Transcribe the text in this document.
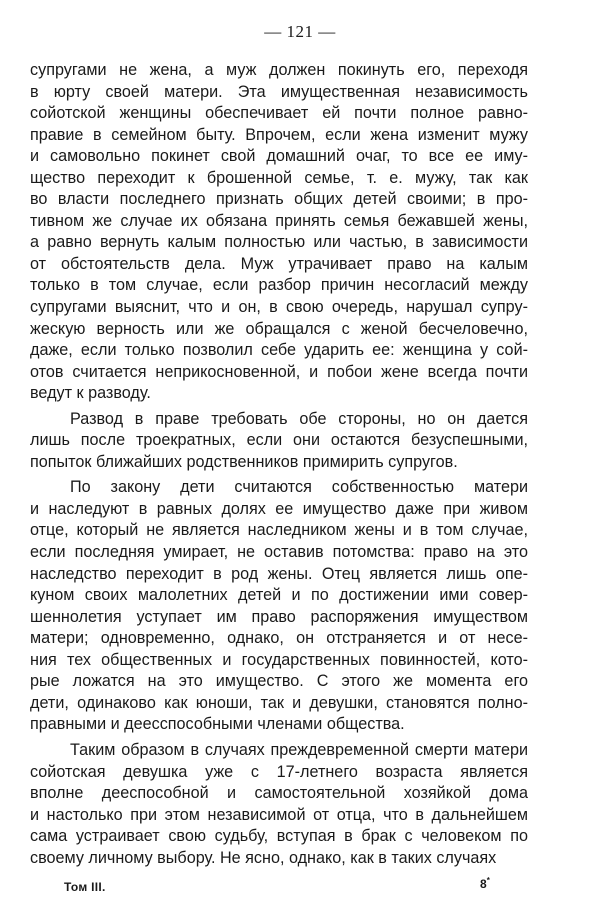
— 121 —
супругами не жена, а муж должен покинуть его, переходя
в юрту своей матери. Эта имущественная независимость
сойотской женщины обеспечивает ей почти полное равно-
правие в семейном быту. Впрочем, если жена изменит мужу
и самовольно покинет свой домашний очаг, то все ее иму-
щество переходит к брошенной семье, т. е. мужу, так как
во власти последнего признать общих детей своими; в про-
тивном же случае их обязана принять семья бежавшей жены,
а равно вернуть калым полностью или частью, в зависимости
от обстоятельств дела. Муж утрачивает право на калым
только в том случае, если разбор причин несогласий между
супругами выяснит, что и он, в свою очередь, нарушал супру-
жескую верность или же обращался с женой бесчеловечно,
даже, если только позволил себе ударить ее: женщина у сой-
отов считается неприкосновенной, и побои жене всегда почти
ведут к разводу.
Развод в праве требовать обе стороны, но он дается
лишь после троекратных, если они остаются безуспешными,
попыток ближайших родственников примирить супругов.
По закону дети считаются собственностью матери
и наследуют в равных долях ее имущество даже при живом
отце, который не является наследником жены и в том случае,
если последняя умирает, не оставив потомства: право на это
наследство переходит в род жены. Отец является лишь опе-
куном своих малолетних детей и по достижении ими совер-
шеннолетия уступает им право распоряжения имуществом
матери; одновременно, однако, он отстраняется и от несе-
ния тех общественных и государственных повинностей, кото-
рые ложатся на это имущество. С этого же момента его
дети, одинаково как юноши, так и девушки, становятся полно-
правными и деесспособными членами общества.
Таким образом в случаях преждевременной смерти матери
сойотская девушка уже с 17-летнего возраста является
вполне дееспособной и самостоятельной хозяйкой дома
и настолько при этом независимой от отца, что в дальнейшем
сама устраивает свою судьбу, вступая в брак с человеком по
своему личному выбору. Не ясно, однако, как в таких случаях
Том III.	8*
